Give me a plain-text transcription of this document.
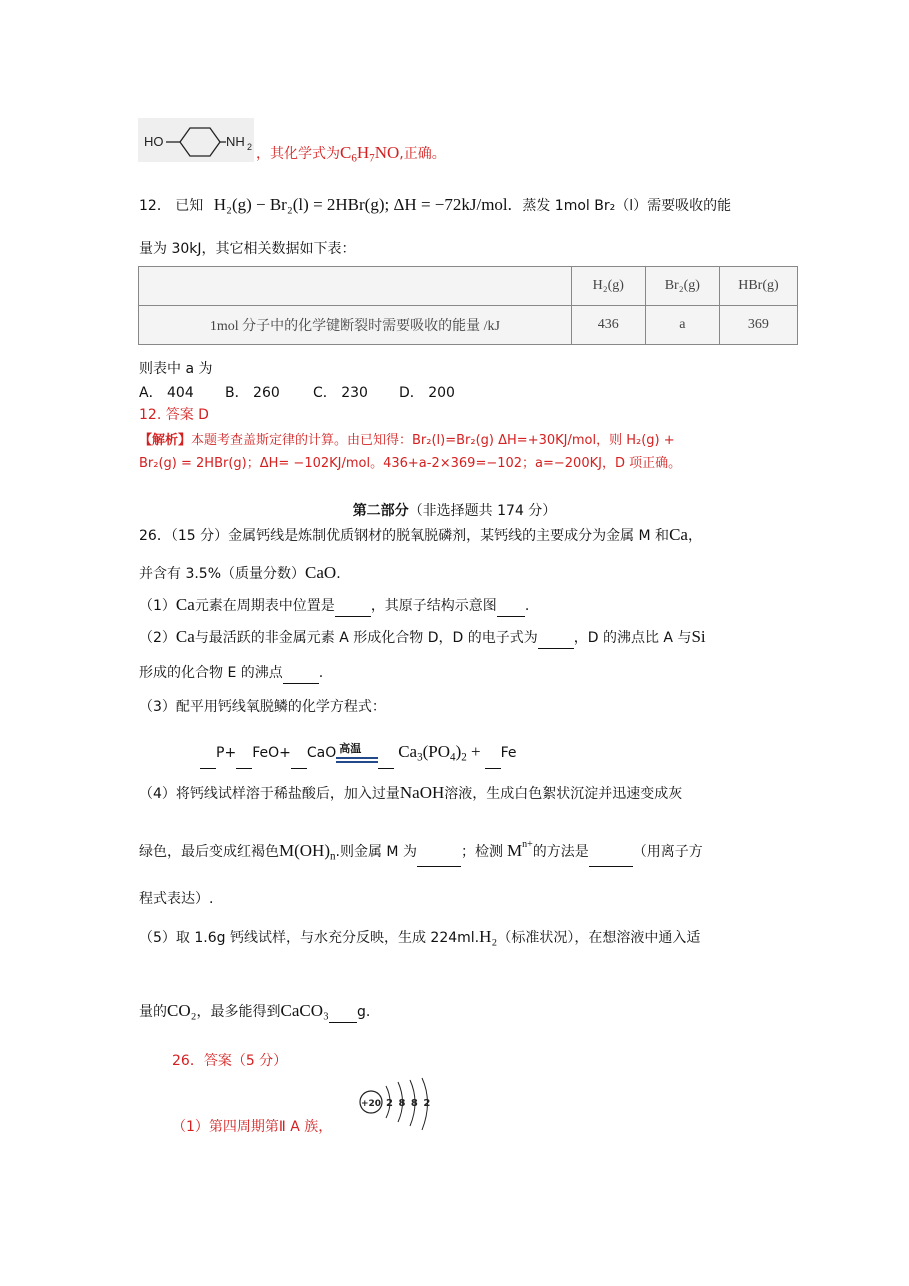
HO	NH 2 ，其化学式为$C_6H_7NO$,正确。
12． 已知 H₂(g) − Br₂(l) = 2HBr(g); ΔH = −72kJ/mol. 蒸发 1mol Br₂（l）需要吸收的能
量为 30kJ，其它相关数据如下表：
	H₂(g)	Br₂(g)	HBr(g)
1mol 分子中的化学键断裂时需要吸收的能量 /kJ	436	a	369
则表中 a 为
A． 404 B． 260 C． 230 D． 200
12. 答案 D
【解析】本题考查盖斯定律的计算。由已知得：Br₂(l)=Br₂(g) ΔH=+30KJ/mol，则 H₂(g) +
Br₂(g) = 2HBr(g)；ΔH= −102KJ/mol。436+a-2×369=−102；a=−200KJ，D 项正确。
第二部分（非选择题共 174 分）
26．（15 分）金属钙线是炼制优质钢材的脱氧脱磷剂，某钙线的主要成分为金属 M 和Ca，
并含有 3.5%（质量分数）CaO.
（1）Ca元素在周期表中位置是	，其原子结构示意图 .
（2）Ca与最活跃的非金属元素 A 形成化合物 D，D 的电子式为	，D 的沸点比 A 与Si
形成的化合物 E 的沸点	.
（3）配平用钙线氧脱鳞的化学方程式：
P+ FeO+ CaO 高温 $Ca_3(PO_4)_2 + Fe$
（4）将钙线试样溶于稀盐酸后，加入过量NaOH溶液，生成白色絮状沉淀并迅速变成灰
绿色，最后变成红褐色$M(OH)_n$.则金属 M 为	；检测 $M^{n+}$的方法是	（用离子方
程式表达）.
（5）取 1.6g 钙线试样，与水充分反映，生成 224ml.H₂（标准状况），在想溶液中通入适
量的CO₂，最多能得到CaCO₃ g.
26．答案（5 分）
+20 2 8 8 2
（1）第四周期第Ⅱ A 族，
